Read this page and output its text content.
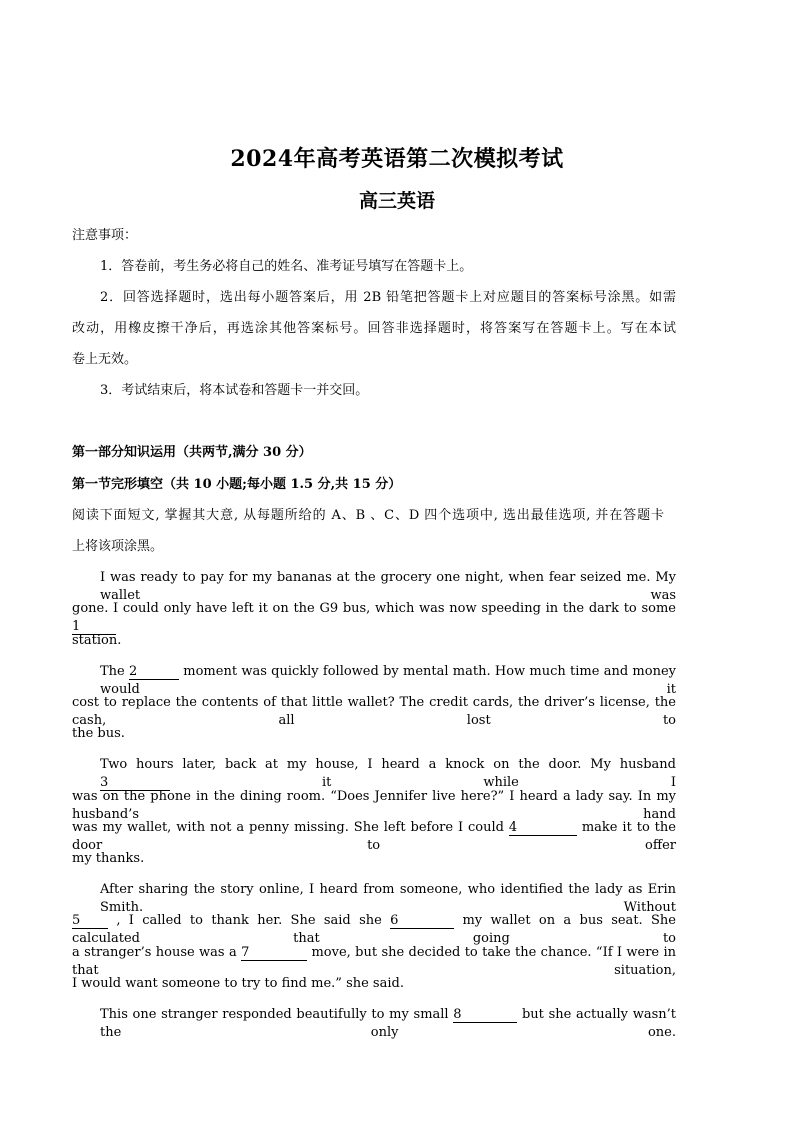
2024年高考英语第二次模拟考试
高三英语
注意事项：
1．答卷前，考生务必将自己的姓名、准考证号填写在答题卡上。
2．回答选择题时，选出每小题答案后，用 2B 铅笔把答题卡上对应题目的答案标号涂黑。如需
改动，用橡皮擦干净后，再选涂其他答案标号。回答非选择题时，将答案写在答题卡上。写在本试
卷上无效。
3．考试结束后，将本试卷和答题卡一并交回。
第一部分知识运用（共两节,满分 30 分）
第一节完形填空（共 10 小题;每小题 1.5 分,共 15 分）
阅读下面短文, 掌握其大意, 从每题所给的 A、B 、C、D 四个选项中, 选出最佳选项, 并在答题卡
上将该项涂黑。
I was ready to pay for my bananas at the grocery one night, when fear seized me. My wallet was
gone. I could only have left it on the G9 bus, which was now speeding in the dark to some 1
station.
The 2	moment was quickly followed by mental math. How much time and money would it
cost to replace the contents of that little wallet? The credit cards, the driver’s license, the cash, all lost to
the bus.
Two hours later, back at my house, I heard a knock on the door. My husband 3	it while I
was on the phone in the dining room. “Does Jennifer live here?” I heard a lady say. In my husband’s hand
was my wallet, with not a penny missing. She left before I could 4	make it to the door to offer
my thanks.
After sharing the story online, I heard from someone, who identified the lady as Erin Smith. Without
5	, I called to thank her. She said she 6	my wallet on a bus seat. She calculated that going to
a stranger’s house was a 7	move, but she decided to take the chance. “If I were in that situation,
I would want someone to try to find me.” she said.
This one stranger responded beautifully to my small 8	but she actually wasn’t the only one.
